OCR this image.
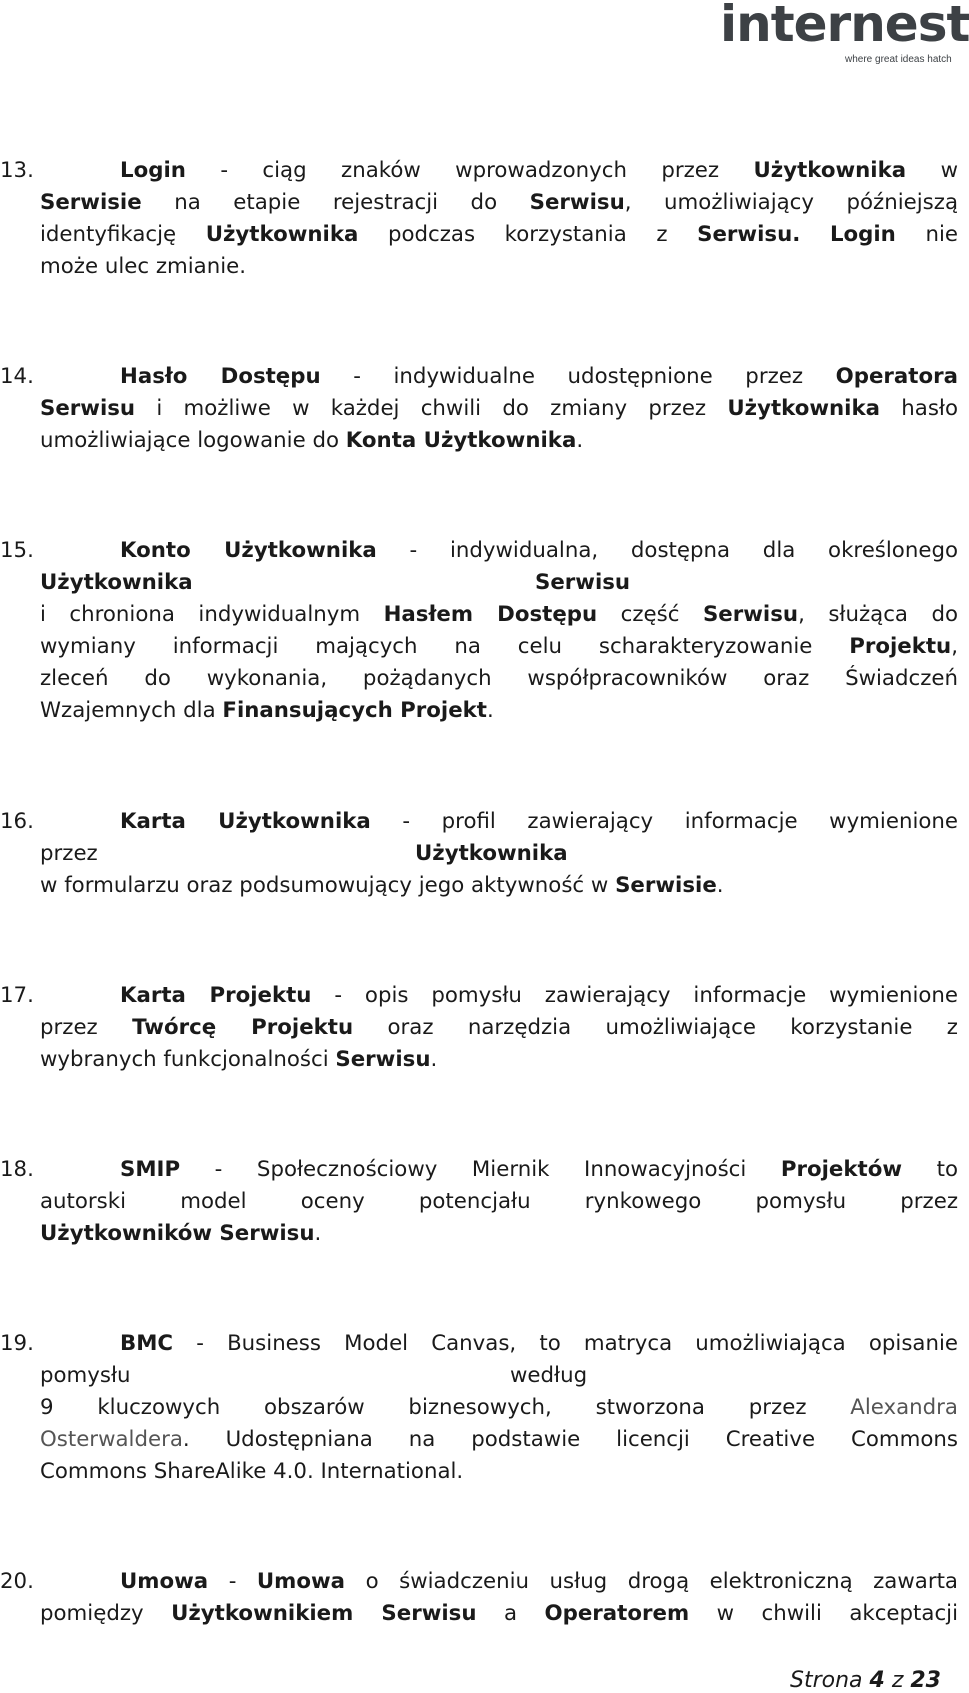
internest
where great ideas hatch
13.	Login - ciąg znaków wprowadzonych przez Użytkownika w
Serwisie na etapie rejestracji do Serwisu, umożliwiający późniejszą
identyfikację Użytkownika podczas korzystania z Serwisu. Login nie
może ulec zmianie.
14.	Hasło Dostępu - indywidualne udostępnione przez Operatora
Serwisu i możliwe w każdej chwili do zmiany przez Użytkownika hasło
umożliwiające logowanie do Konta Użytkownika.
15.	Konto Użytkownika - indywidualna, dostępna dla określonego
Użytkownika	Serwisu
i chroniona indywidualnym Hasłem Dostępu część Serwisu, służąca do
wymiany informacji mających na celu scharakteryzowanie Projektu,
zleceń do wykonania, pożądanych współpracowników oraz Świadczeń
Wzajemnych dla Finansujących Projekt.
16.	Karta Użytkownika - profil zawierający informacje wymienione
przez	Użytkownika
w formularzu oraz podsumowujący jego aktywność w Serwisie.
17.	Karta Projektu - opis pomysłu zawierający informacje wymienione
przez Twórcę Projektu oraz narzędzia umożliwiające korzystanie z
wybranych funkcjonalności Serwisu.
18.	SMIP - Społecznościowy Miernik Innowacyjności Projektów to
autorski model oceny potencjału rynkowego pomysłu przez
Użytkowników Serwisu.
19.	BMC - Business Model Canvas, to matryca umożliwiająca opisanie
pomysłu	według
9 kluczowych obszarów biznesowych, stworzona przez Alexandra
Osterwaldera. Udostępniana na podstawie licencji Creative Commons
Commons ShareAlike 4.0. International.
20.	Umowa - Umowa o świadczeniu usług drogą elektroniczną zawarta
pomiędzy Użytkownikiem Serwisu a Operatorem w chwili akceptacji
Strona 4 z 23
